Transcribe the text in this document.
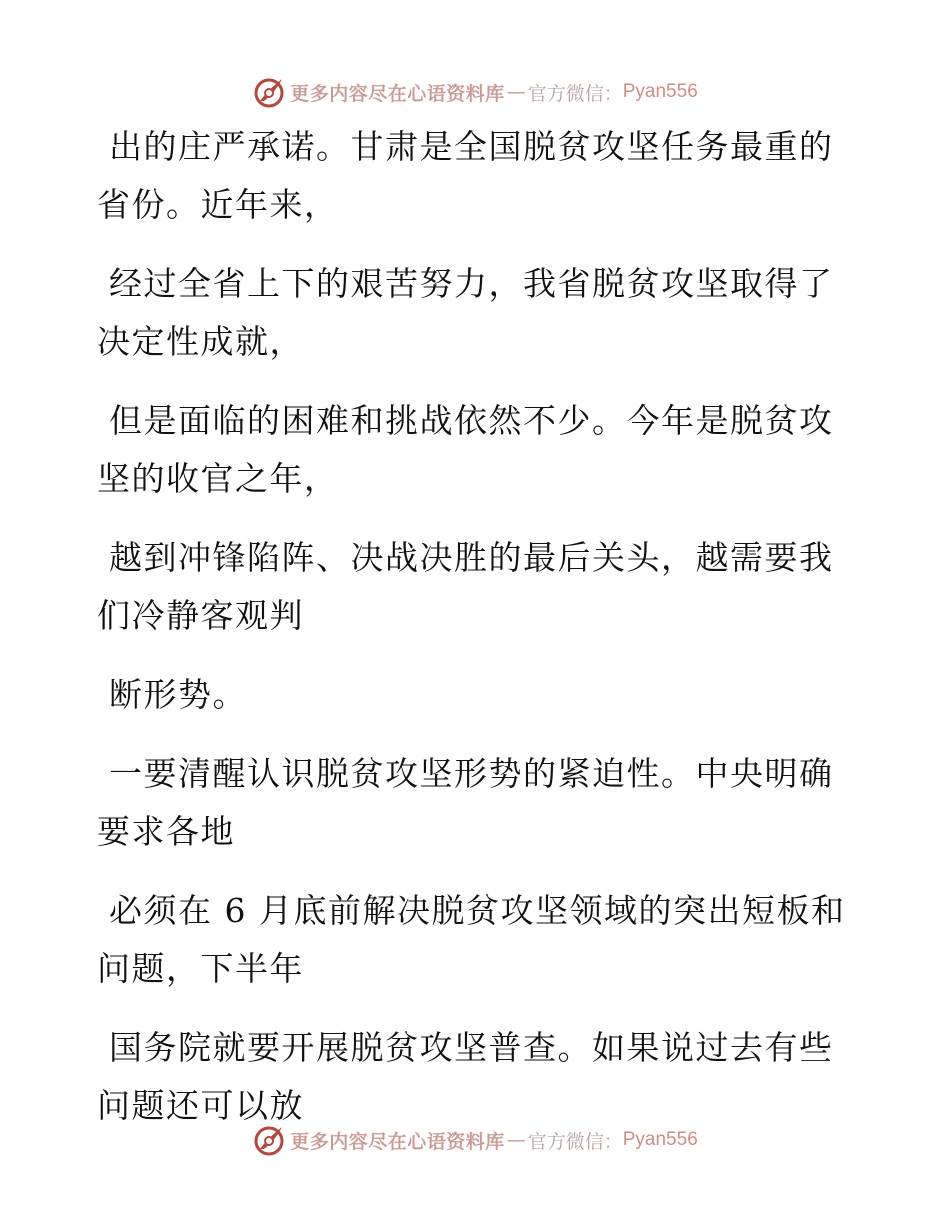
更多内容尽在心语资料库 — 官方微信： Pyan556

出的庄严承诺。甘肃是全国脱贫攻坚任务最重的省份。近年来，

经过全省上下的艰苦努力，我省脱贫攻坚取得了决定性成就，

但是面临的困难和挑战依然不少。今年是脱贫攻坚的收官之年，

越到冲锋陷阵、决战决胜的最后关头，越需要我们冷静客观判

断形势。

一要清醒认识脱贫攻坚形势的紧迫性。中央明确要求各地

必须在 6 月底前解决脱贫攻坚领域的突出短板和问题，下半年

国务院就要开展脱贫攻坚普查。如果说过去有些问题还可以放

更多内容尽在心语资料库 — 官方微信： Pyan556
